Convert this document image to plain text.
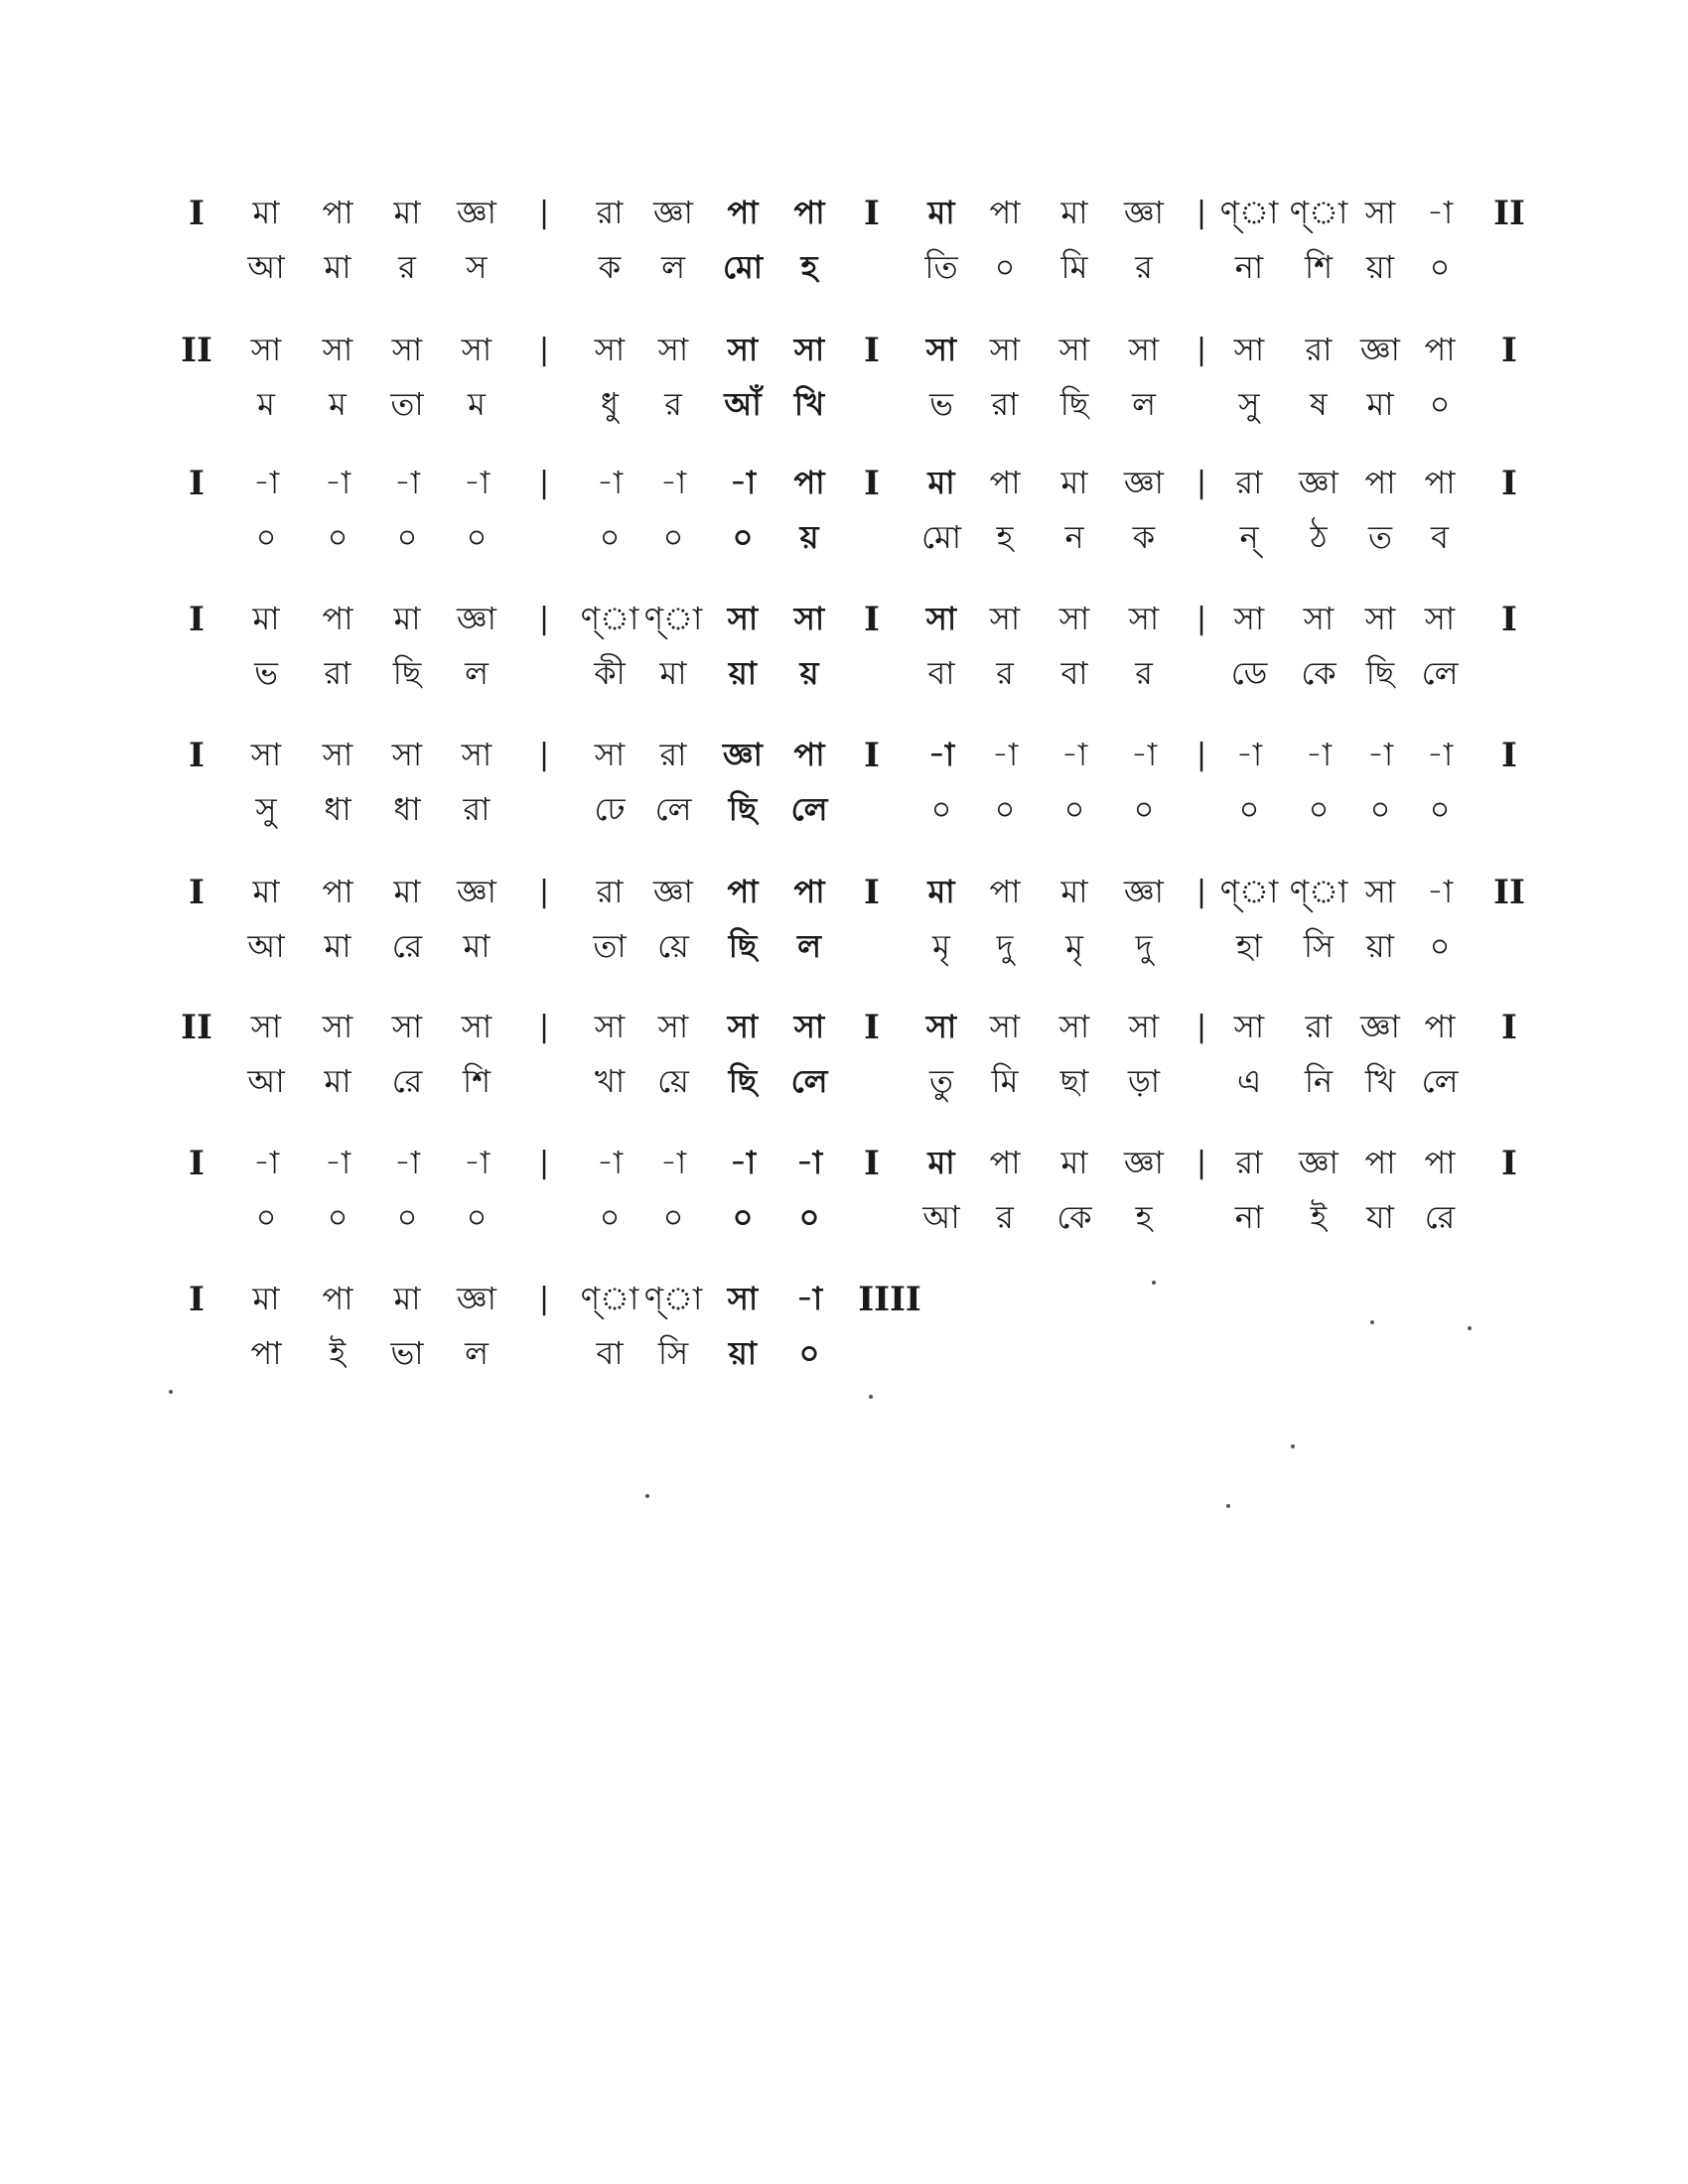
I মা পা মা জ্ঞা | রা জ্ঞা পা পা I মা পা মা জ্ঞা | ণ্‌া ণ্‌া সা -া II
আ মা র স	ক ল মো হ	তি ০ মি র	না শি য়া ০
II সা সা সা সা | সা সা সা সা I সা সা সা সা | সা রা জ্ঞা পা I
ম ম তা ম	ধু র আঁ খি	ভ রা ছি ল	সু ষ মা ০
I -া -া -া -া | -া -া -া পা I মা পা মা জ্ঞা | রা জ্ঞা পা পা I
০ ০ ০ ০	০ ০ ০ য়	মো হ ন ক	ন্ ঠ ত ব
I মা পা মা জ্ঞা | ণ্‌া ণ্‌া সা সা I সা সা সা সা | সা সা সা সা I
ভ রা ছি ল	কী মা য়া য়	বা র বা র ডে কে ছি লে
I সা সা সা সা | সা রা জ্ঞা পা I -া -া -া -া | -া -া -া -া I
সু ধা ধা রা	ঢে লে ছি লে	০ ০ ০ ০	০ ০ ০ ০
I মা পা মা জ্ঞা | রা জ্ঞা পা পা I মা পা মা জ্ঞা | ণ্‌া ণ্‌া সা -া II
আ মা রে মা	তা য়ে ছি ল	মৃ দু মৃ দু	হা সি য়া ০
II সা সা সা সা | সা সা সা সা I সা সা সা সা | সা রা জ্ঞা পা I
আ মা রে শি	খা য়ে ছি লে	তু মি ছা ড়া এ নি খি লে
I -া -া -া -া | -া -া -া -া I মা পা মা জ্ঞা | রা জ্ঞা পা পা I
০ ০ ০ ০	০ ০ ০ ০	আ র কে হ	না ই যা রে
I মা পা মা জ্ঞা | ণ্‌া ণ্‌া সা -া IIII
পা ই ভা ল	বা সি য়া ০
